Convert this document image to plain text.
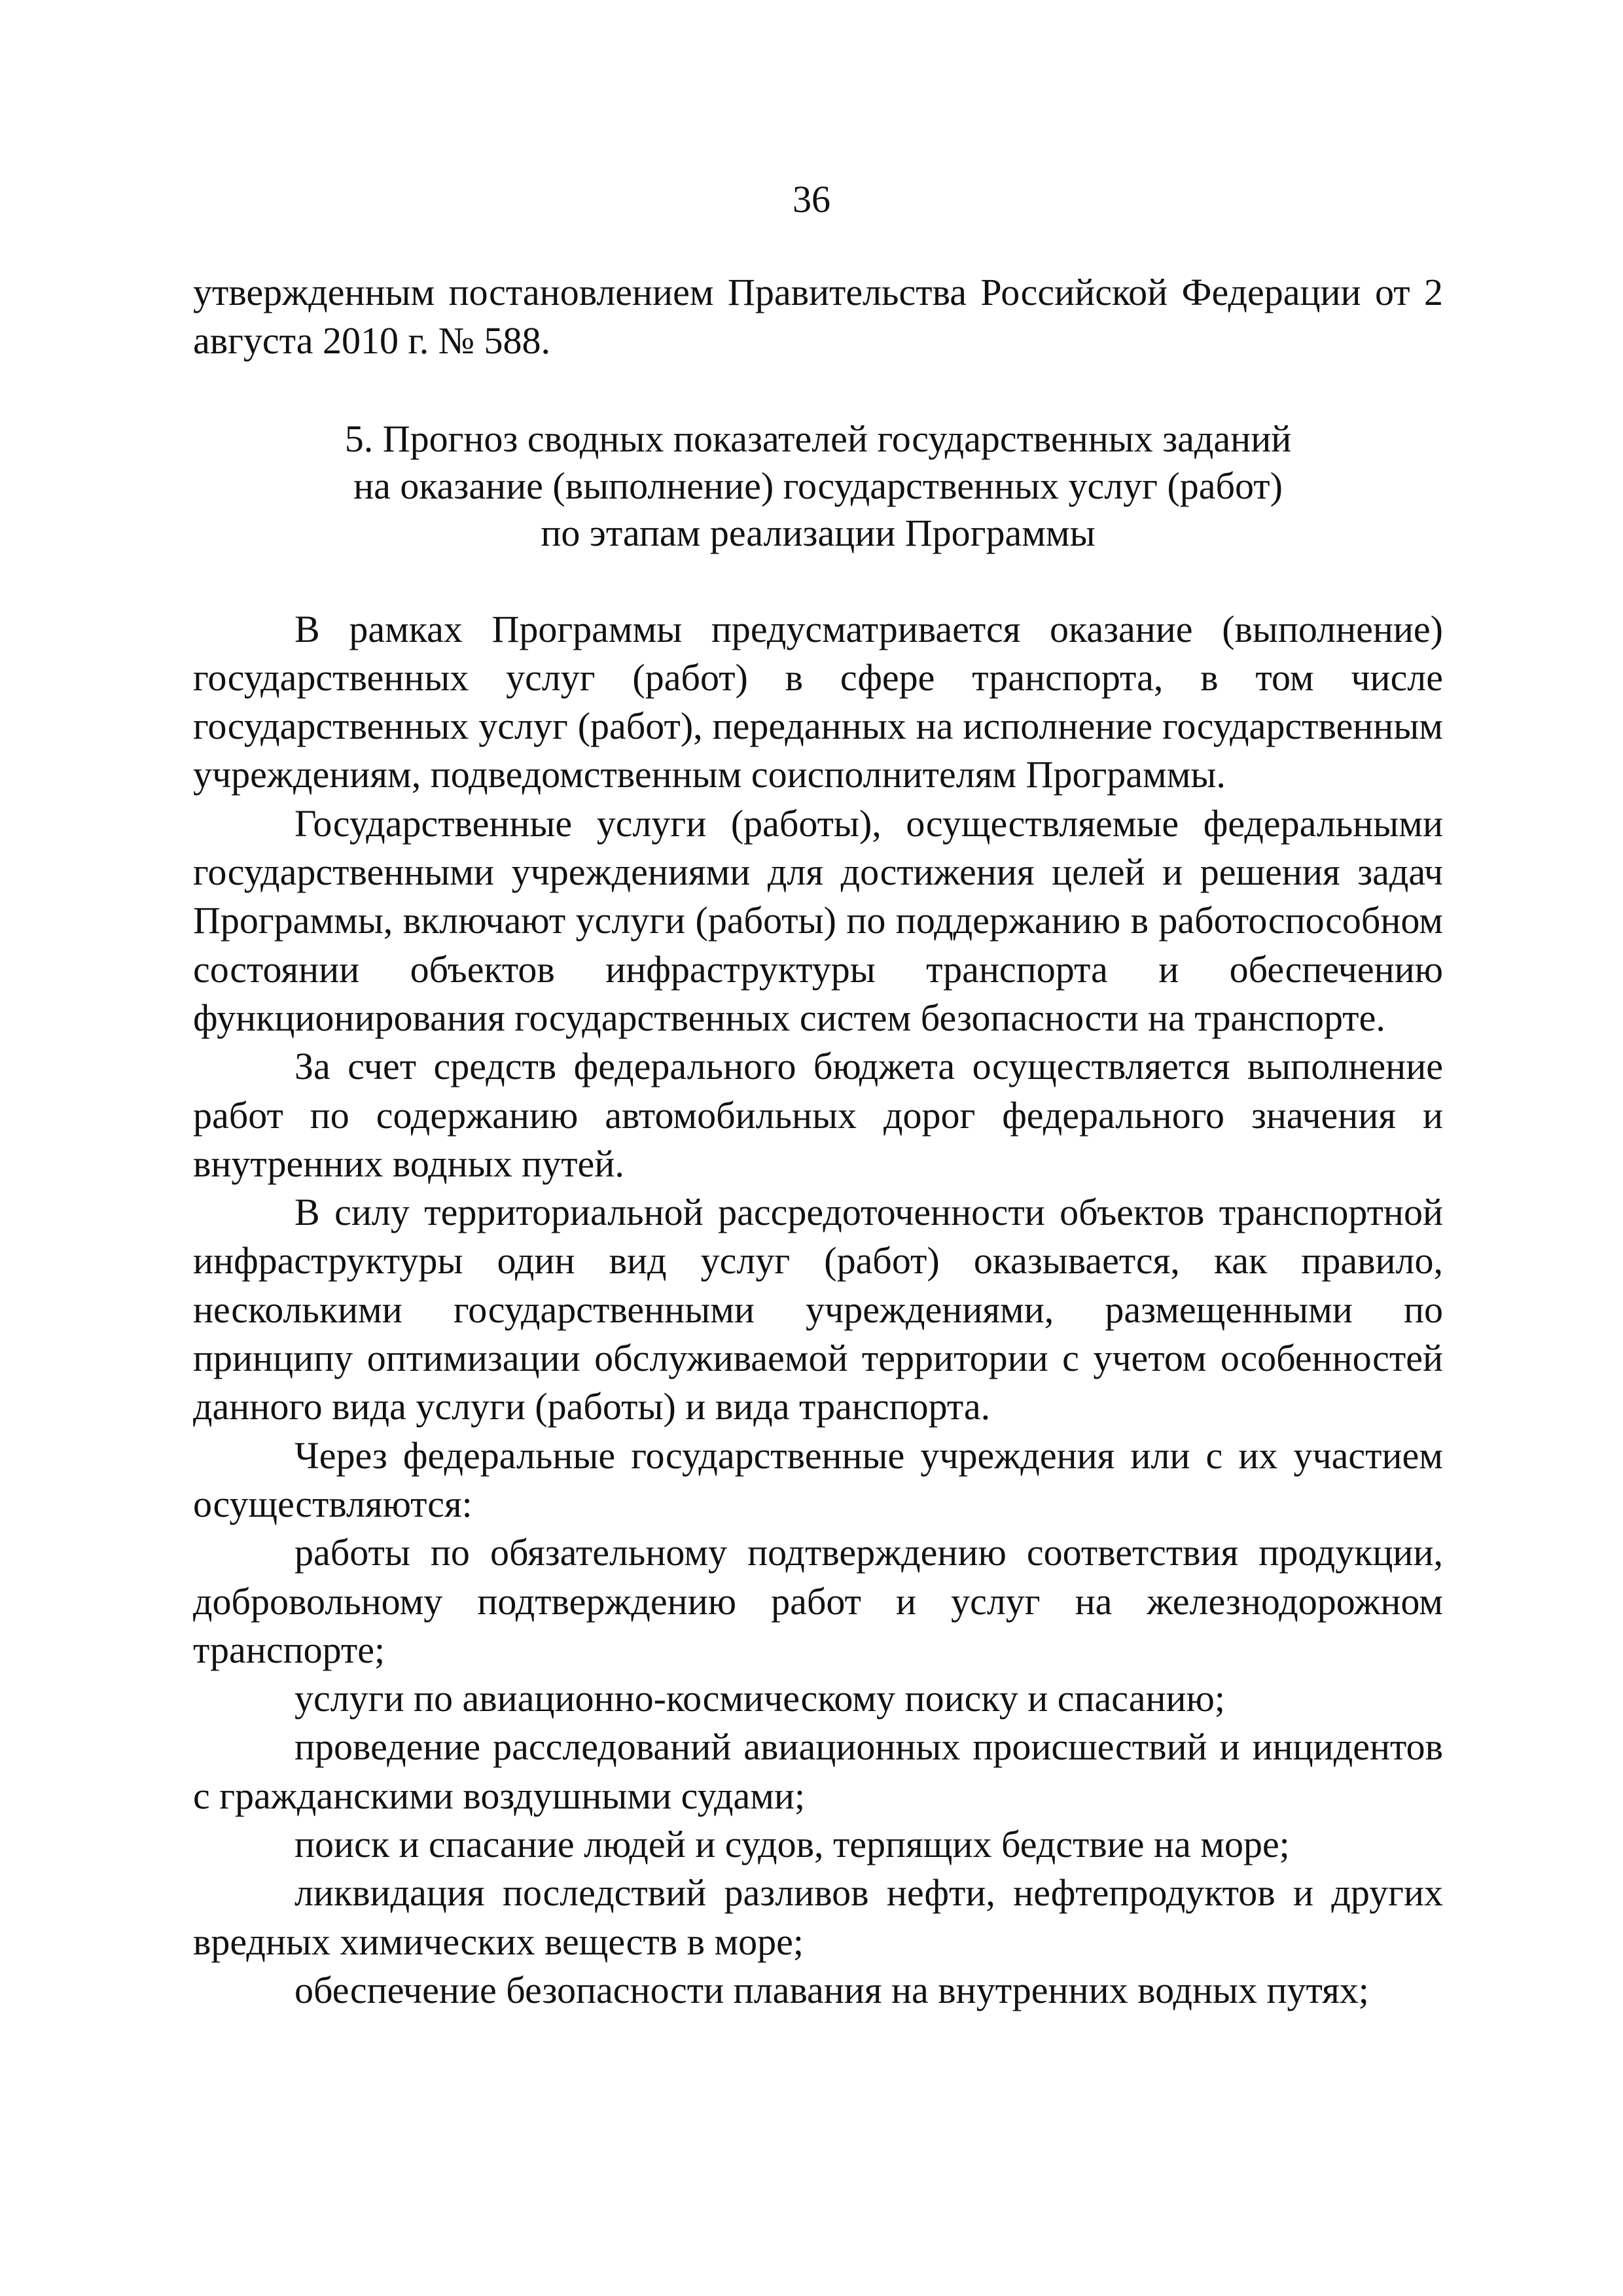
36

утвержденным постановлением Правительства Российской Федерации от 2 августа 2010 г. № 588.

5. Прогноз сводных показателей государственных заданий
на оказание (выполнение) государственных услуг (работ)
по этапам реализации Программы

В рамках Программы предусматривается оказание (выполнение) государственных услуг (работ) в сфере транспорта, в том числе государственных услуг (работ), переданных на исполнение государственным учреждениям, подведомственным соисполнителям Программы.

Государственные услуги (работы), осуществляемые федеральными государственными учреждениями для достижения целей и решения задач Программы, включают услуги (работы) по поддержанию в работоспособном состоянии объектов инфраструктуры транспорта и обеспечению функционирования государственных систем безопасности на транспорте.

За счет средств федерального бюджета осуществляется выполнение работ по содержанию автомобильных дорог федерального значения и внутренних водных путей.

В силу территориальной рассредоточенности объектов транспортной инфраструктуры один вид услуг (работ) оказывается, как правило, несколькими государственными учреждениями, размещенными по принципу оптимизации обслуживаемой территории с учетом особенностей данного вида услуги (работы) и вида транспорта.

Через федеральные государственные учреждения или с их участием осуществляются:

работы по обязательному подтверждению соответствия продукции, добровольному подтверждению работ и услуг на железнодорожном транспорте;

услуги по авиационно-космическому поиску и спасанию;

проведение расследований авиационных происшествий и инцидентов с гражданскими воздушными судами;

поиск и спасание людей и судов, терпящих бедствие на море;

ликвидация последствий разливов нефти, нефтепродуктов и других вредных химических веществ в море;

обеспечение безопасности плавания на внутренних водных путях;
